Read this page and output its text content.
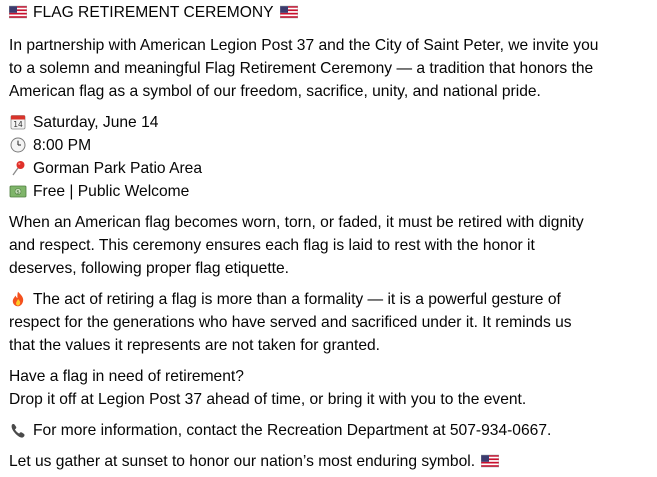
FLAG RETIREMENT CEREMONY
In partnership with American Legion Post 37 and the City of Saint Peter, we invite you
to a solemn and meaningful Flag Retirement Ceremony — a tradition that honors the
American flag as a symbol of our freedom, sacrifice, unity, and national pride.
14 Saturday, June 14
8:00 PM
Gorman Park Patio Area
$ Free | Public Welcome
When an American flag becomes worn, torn, or faded, it must be retired with dignity
and respect. This ceremony ensures each flag is laid to rest with the honor it
deserves, following proper flag etiquette.
The act of retiring a flag is more than a formality — it is a powerful gesture of
respect for the generations who have served and sacrificed under it. It reminds us
that the values it represents are not taken for granted.
Have a flag in need of retirement?
Drop it off at Legion Post 37 ahead of time, or bring it with you to the event.
For more information, contact the Recreation Department at 507-934-0667.
Let us gather at sunset to honor our nation’s most enduring symbol.
